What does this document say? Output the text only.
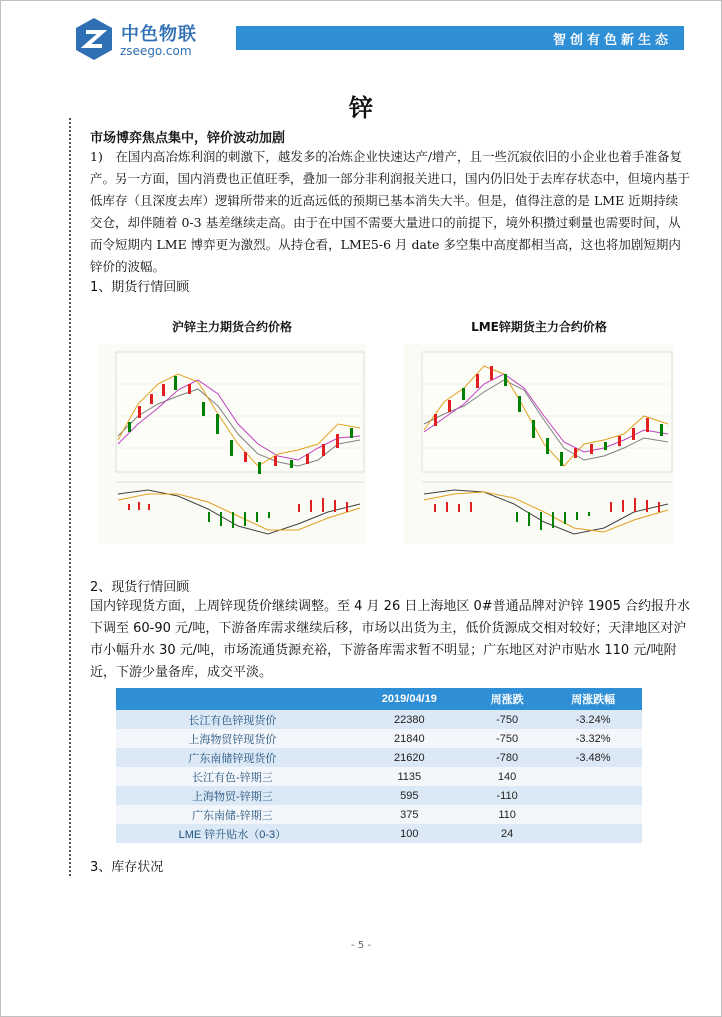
中色物联
zseego.com
智创有色新生态
锌
市场博弈焦点集中，锌价波动加剧

1)　在国内高冶炼利润的刺激下，越发多的冶炼企业快速达产/增产，且一些沉寂依旧的小企业也着手准备复产。另一方面，国内消费也正值旺季，叠加一部分非利润报关进口，国内仍旧处于去库存状态中，但境内基于低库存（且深度去库）逻辑所带来的近高远低的预期已基本消失大半。但是，值得注意的是 LME 近期持续交仓，却伴随着 0-3 基差继续走高。由于在中国不需要大量进口的前提下，境外积攒过剩量也需要时间，从而令短期内 LME 博弈更为激烈。从持仓看，LME5-6 月 date 多空集中高度都相当高，这也将加剧短期内锌价的波幅。

1、期货行情回顾
沪锌主力期货合约价格	LME锌期货主力合约价格
2、现货行情回顾

国内锌现货方面，上周锌现货价继续调整。至 4 月 26 日上海地区 0#普通品牌对沪锌 1905 合约报升水下调至 60-90 元/吨，下游备库需求继续后移，市场以出货为主，低价货源成交相对较好；天津地区对沪市小幅升水 30 元/吨，市场流通货源充裕，下游备库需求暂不明显；广东地区对沪市贴水 110 元/吨附近，下游少量备库，成交平淡。

	2019/04/19	周涨跌	周涨跌幅
长江有色锌现货价	22380	-750	-3.24%
上海物贸锌现货价	21840	-750	-3.32%
广东南储锌现货价	21620	-780	-3.48%
长江有色-锌期三	1135	140	
上海物贸-锌期三	595	-110	
广东南储-锌期三	375	110	
LME 锌升贴水（0-3）	100	24	
3、库存状况
- 5 -
